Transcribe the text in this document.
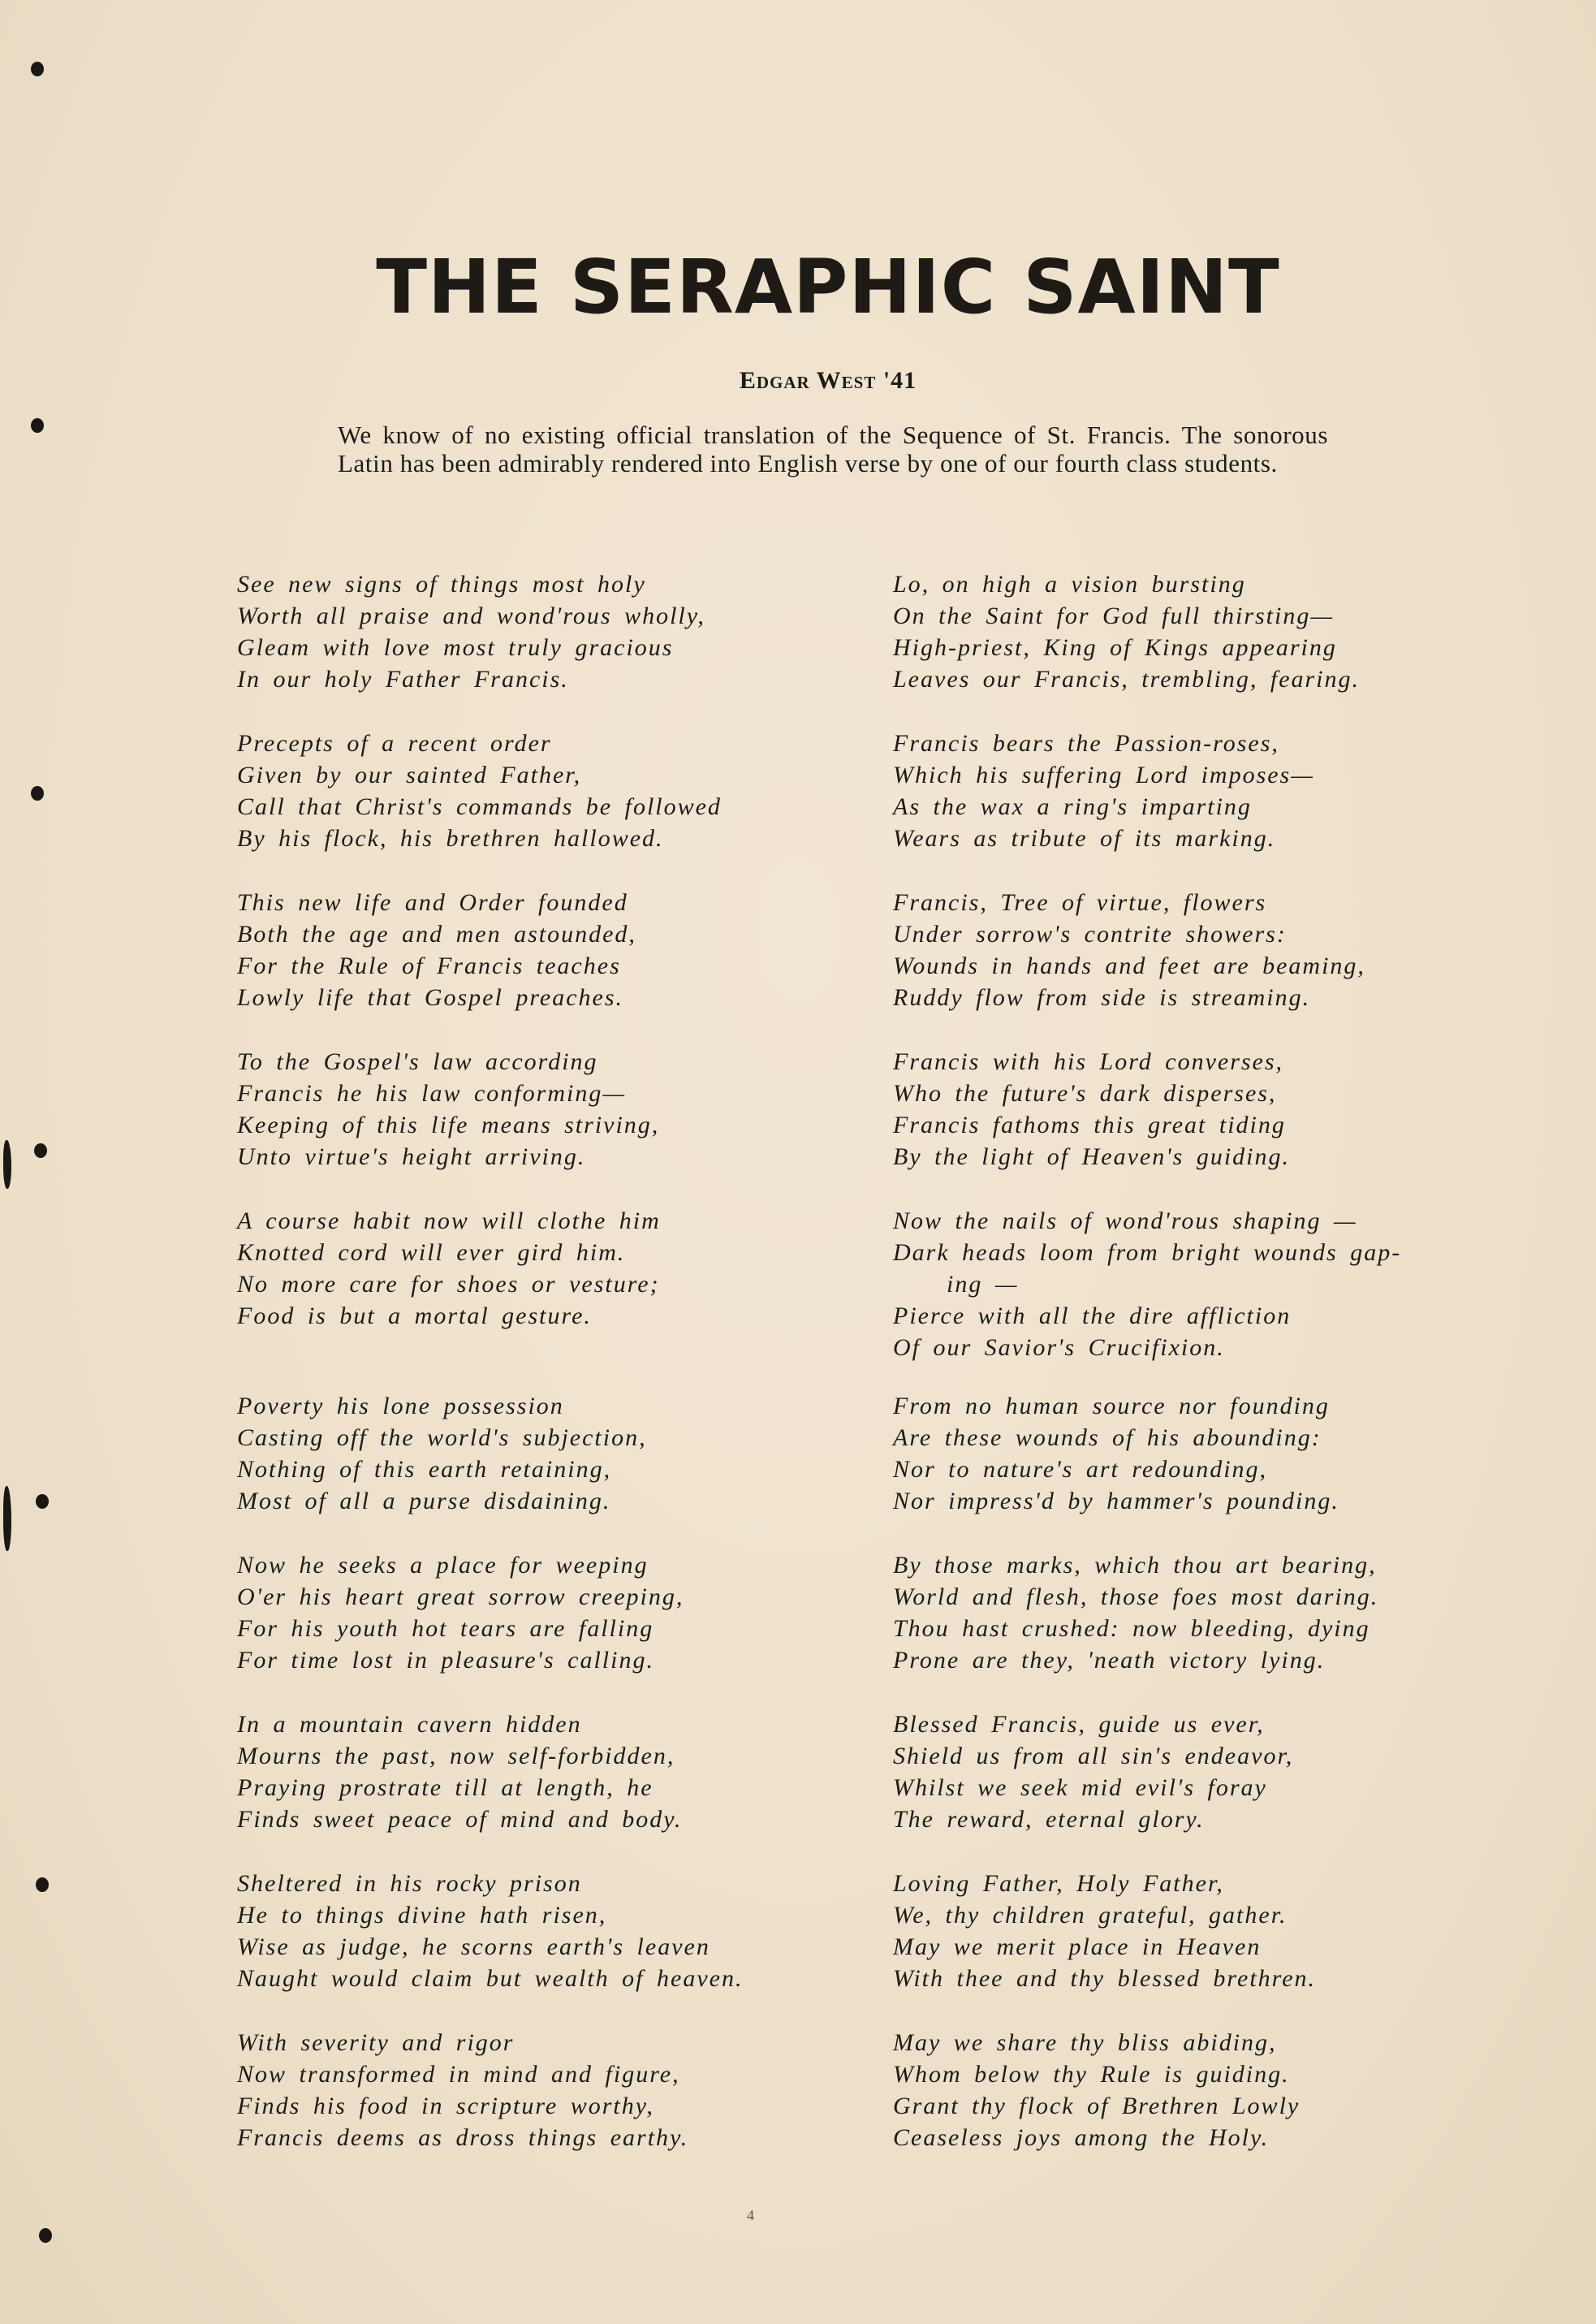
THE SERAPHIC SAINT
Edgar West '41

We know of no existing official translation of the Sequence of St. Francis. The sonorous Latin has been admirably rendered into English verse by one of our fourth class students.

See new signs of things most holy
Worth all praise and wond'rous wholly,
Gleam with love most truly gracious
In our holy Father Francis.
Precepts of a recent order
Given by our sainted Father,
Call that Christ's commands be followed
By his flock, his brethren hallowed.
This new life and Order founded
Both the age and men astounded,
For the Rule of Francis teaches
Lowly life that Gospel preaches.
To the Gospel's law according
Francis he his law conforming—
Keeping of this life means striving,
Unto virtue's height arriving.
A course habit now will clothe him
Knotted cord will ever gird him.
No more care for shoes or vesture;
Food is but a mortal gesture.
Poverty his lone possession
Casting off the world's subjection,
Nothing of this earth retaining,
Most of all a purse disdaining.
Now he seeks a place for weeping
O'er his heart great sorrow creeping,
For his youth hot tears are falling
For time lost in pleasure's calling.
In a mountain cavern hidden
Mourns the past, now self-forbidden,
Praying prostrate till at length, he
Finds sweet peace of mind and body.
Sheltered in his rocky prison
He to things divine hath risen,
Wise as judge, he scorns earth's leaven
Naught would claim but wealth of heaven.
With severity and rigor
Now transformed in mind and figure,
Finds his food in scripture worthy,
Francis deems as dross things earthy.
Lo, on high a vision bursting
On the Saint for God full thirsting—
High-priest, King of Kings appearing
Leaves our Francis, trembling, fearing.
Francis bears the Passion-roses,
Which his suffering Lord imposes—
As the wax a ring's imparting
Wears as tribute of its marking.
Francis, Tree of virtue, flowers
Under sorrow's contrite showers:
Wounds in hands and feet are beaming,
Ruddy flow from side is streaming.
Francis with his Lord converses,
Who the future's dark disperses,
Francis fathoms this great tiding
By the light of Heaven's guiding.
Now the nails of wond'rous shaping —
Dark heads loom from bright wounds gap-
ing —
Pierce with all the dire affliction
Of our Savior's Crucifixion.
From no human source nor founding
Are these wounds of his abounding:
Nor to nature's art redounding,
Nor impress'd by hammer's pounding.
By those marks, which thou art bearing,
World and flesh, those foes most daring.
Thou hast crushed: now bleeding, dying
Prone are they, 'neath victory lying.
Blessed Francis, guide us ever,
Shield us from all sin's endeavor,
Whilst we seek mid evil's foray
The reward, eternal glory.
Loving Father, Holy Father,
We, thy children grateful, gather.
May we merit place in Heaven
With thee and thy blessed brethren.
May we share thy bliss abiding,
Whom below thy Rule is guiding.
Grant thy flock of Brethren Lowly
Ceaseless joys among the Holy.
4
